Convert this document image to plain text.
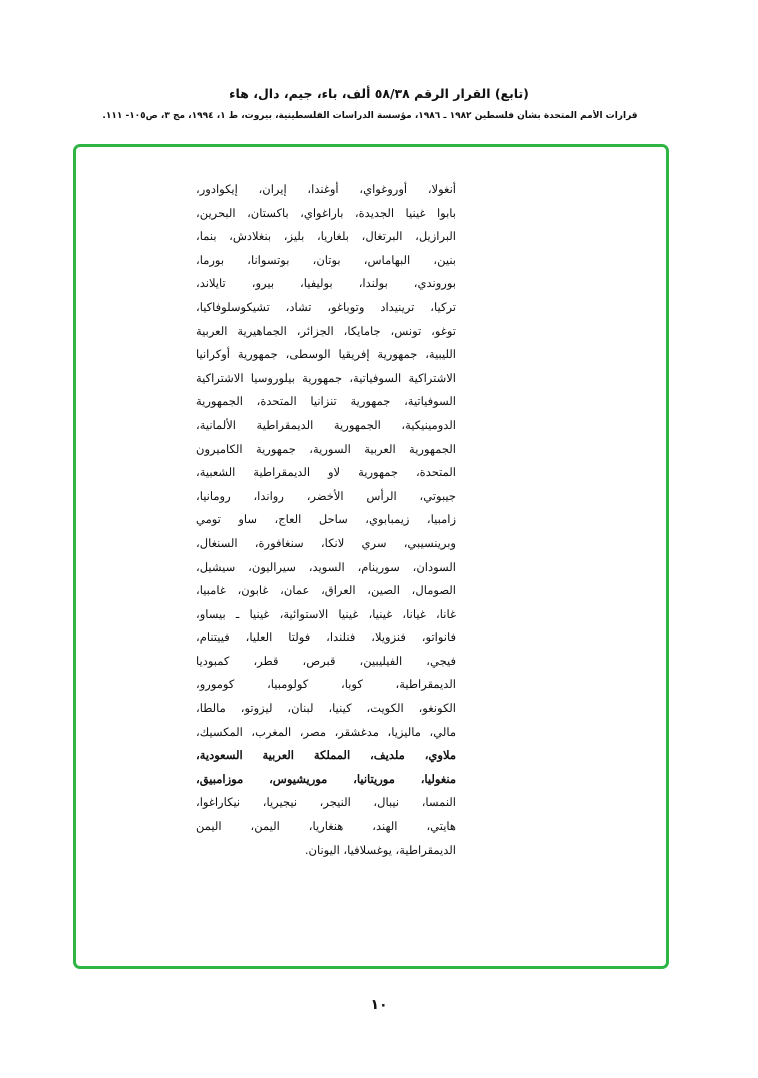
(تابع) القرار الرقم ٥٨/٣٨ ألف، باء، جيم، دال، هاء
قرارات الأمم المتحدة بشأن فلسطين ١٩٨٢ ـ ١٩٨٦، مؤسسة الدراسات الفلسطينية، بيروت، ط ١، ١٩٩٤، مج ٣، ص١٠٥- ١١١.
أنغولا، أوروغواي، أوغندا، إيران، إيكوادور،
بابوا غينيا الجديدة، باراغواي، باكستان، البحرين،
البرازيل، البرتغال، بلغاريا، بليز، بنغلادش، بنما،
بنين، البهاماس، بوتان، بوتسوانا، بورما،
بوروندي، بولندا، بوليفيا، بيرو، تايلاند،
تركيا، ترينيداد وتوباغو، تشاد، تشيكوسلوفاكيا،
توغو، تونس، جامايكا، الجزائر، الجماهيرية العربية
الليبية، جمهورية إفريقيا الوسطى، جمهورية أوكرانيا
الاشتراكية السوفياتية، جمهورية بيلوروسيا الاشتراكية
السوفياتية، جمهورية تنزانيا المتحدة، الجمهورية
الدومينيكية، الجمهورية الديمقراطية الألمانية،
الجمهورية العربية السورية، جمهورية الكاميرون
المتحدة، جمهورية لاو الديمقراطية الشعبية،
جيبوتي، الرأس الأخضر، رواندا، رومانيا،
زامبيا، زيمبابوي، ساحل العاج، ساو تومي
وبرينسيبي، سري لانكا، سنغافورة، السنغال،
السودان، سورينام، السويد، سيراليون، سيشيل،
الصومال، الصين، العراق، عمان، غابون، غامبيا،
غانا، غيانا، غينيا، غينيا الاستوائية، غينيا ـ بيساو،
فانواتو، فنزويلا، فنلندا، فولتا العليا، فييتنام،
فيجي، الفيليبين، قبرص، قطر، كمبوديا
الديمقراطية، كوبا، كولومبيا، كومورو،
الكونغو، الكويت، كينيا، لبنان، ليزوتو، مالطا،
مالي، ماليزيا، مدغشقر، مصر، المغرب، المكسيك،
ملاوي، ملديف، المملكة العربية السعودية،
منغوليا، موريتانيا، موريشيوس، موزامبيق،
النمسا، نيبال، النيجر، نيجيريا، نيكاراغوا،
هايتي، الهند، هنغاريا، اليمن، اليمن
الديمقراطية، يوغسلافيا، اليونان.
١٠
